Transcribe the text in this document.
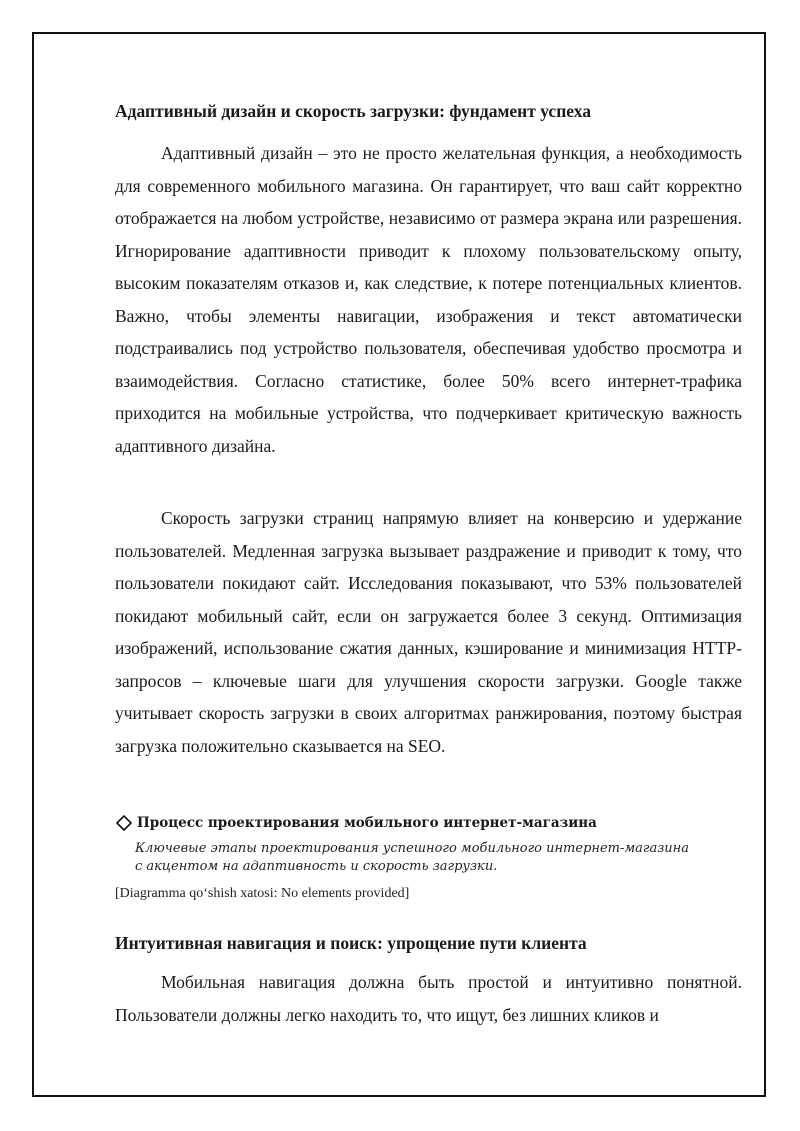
Адаптивный дизайн и скорость загрузки: фундамент успеха

Адаптивный дизайн – это не просто желательная функция, а необходимость для современного мобильного магазина. Он гарантирует, что ваш сайт корректно отображается на любом устройстве, независимо от размера экрана или разрешения. Игнорирование адаптивности приводит к плохому пользовательскому опыту, высоким показателям отказов и, как следствие, к потере потенциальных клиентов. Важно, чтобы элементы навигации, изображения и текст автоматически подстраивались под устройство пользователя, обеспечивая удобство просмотра и взаимодействия. Согласно статистике, более 50% всего интернет-трафика приходится на мобильные устройства, что подчеркивает критическую важность адаптивного дизайна.

Скорость загрузки страниц напрямую влияет на конверсию и удержание пользователей. Медленная загрузка вызывает раздражение и приводит к тому, что пользователи покидают сайт. Исследования показывают, что 53% пользователей покидают мобильный сайт, если он загружается более 3 секунд. Оптимизация изображений, использование сжатия данных, кэширование и минимизация HTTP-запросов – ключевые шаги для улучшения скорости загрузки. Google также учитывает скорость загрузки в своих алгоритмах ранжирования, поэтому быстрая загрузка положительно сказывается на SEO.

Процесс проектирования мобильного интернет-магазина
Ключевые этапы проектирования успешного мобильного интернет-магазина с акцентом на адаптивность и скорость загрузки.
[Diagramma qo‘shish xatosi: No elements provided]
Интуитивная навигация и поиск: упрощение пути клиента

Мобильная навигация должна быть простой и интуитивно понятной. Пользователи должны легко находить то, что ищут, без лишних кликов и
